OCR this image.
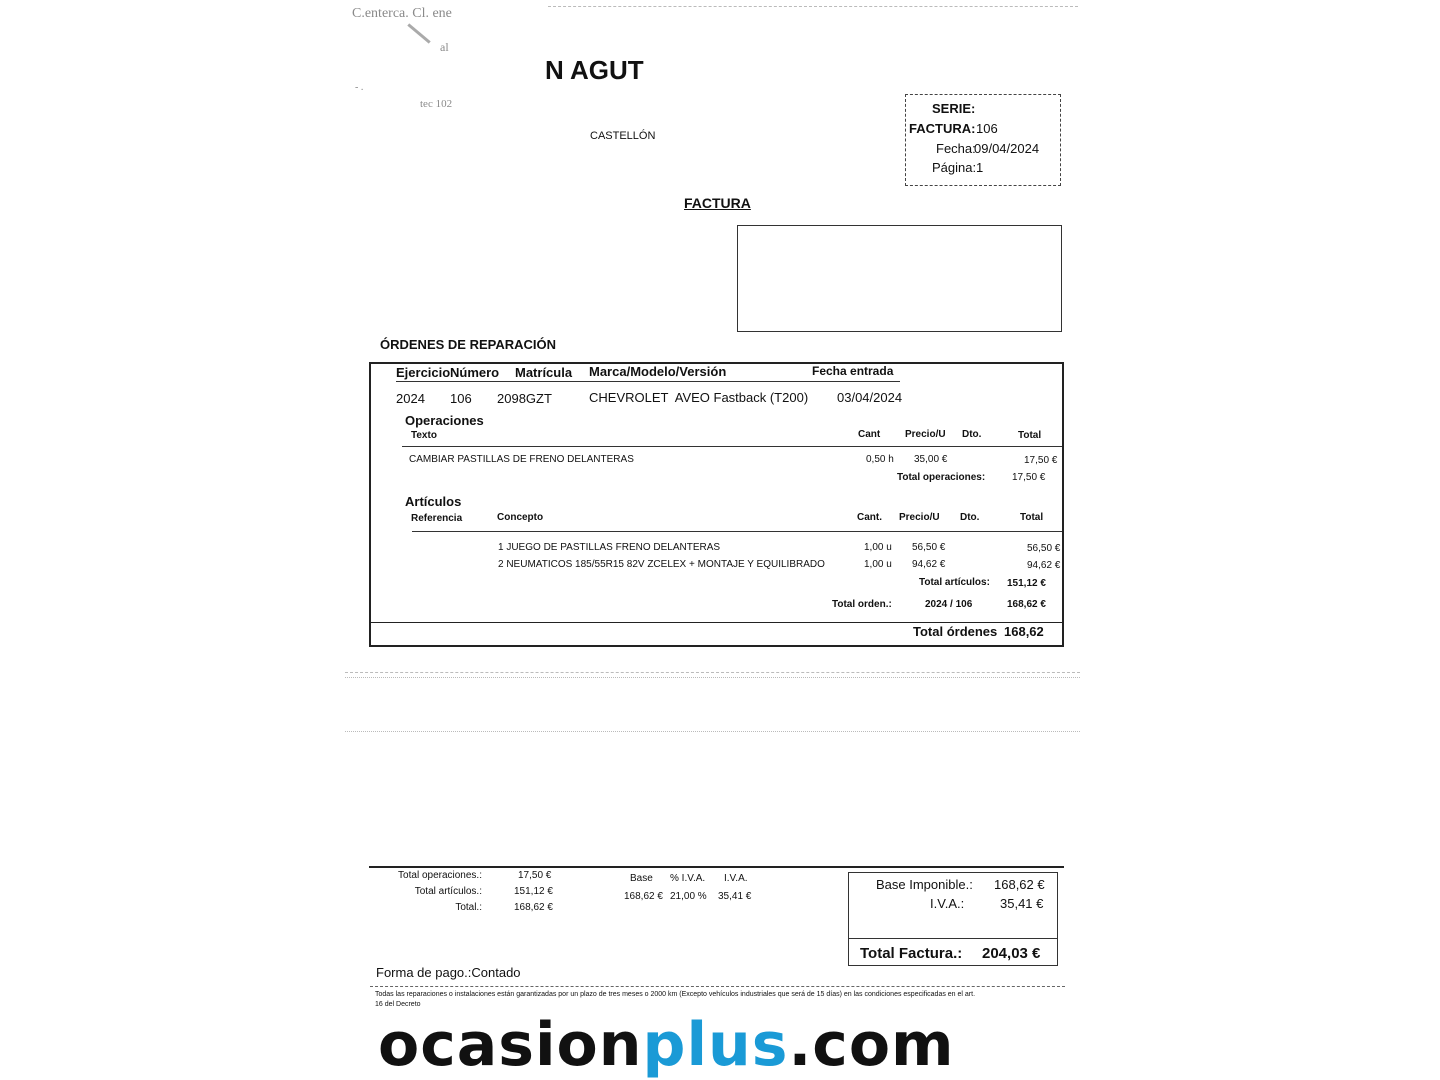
C.enterca. Cl. ene
al
- .
tec 102
N AGUT
CASTELLÓN
SERIE:
FACTURA: 106
Fecha:
09/04/2024
Página: 1
FACTURA
ÓRDENES DE REPARACIÓN
Ejercicio Número Matrícula Marca/Modelo/Versión	Fecha entrada
2024 106 2098GZT	CHEVROLET  AVEO Fastback (T200) 03/04/2024
Operaciones
Texto	Cant Precio/U Dto.	Total
CAMBIAR PASTILLAS DE FRENO DELANTERAS	0,50 h 35,00 €	17,50 €
Total operaciones:	17,50 €
Artículos
Referencia	Concepto	Cant. Precio/U Dto.	Total
1 JUEGO DE PASTILLAS FRENO DELANTERAS	1,00 u 56,50 €	56,50 €
2 NEUMATICOS 185/55R15 82V ZCELEX + MONTAJE Y EQUILIBRADO	1,00 u 94,62 €	94,62 €
Total artículos: 151,12 €
Total orden.:	2024 / 106	168,62 €
Total órdenes 168,62
Total operaciones.:	17,50 €
Total artículos.:	151,12 €
Total.:	168,62 €
Base % I.V.A. I.V.A.
168,62 € 21,00 % 35,41 €
Base Imponible.: 168,62 €
I.V.A.:	35,41 €
Total Factura.: 204,03 €
Forma de pago.:Contado
Todas las reparaciones o instalaciones están garantizadas por un plazo de tres meses o 2000 km (Excepto vehículos industriales que será de 15 días) en las condiciones especificadas en el art.
16 del Decreto
ocasionplus.com
